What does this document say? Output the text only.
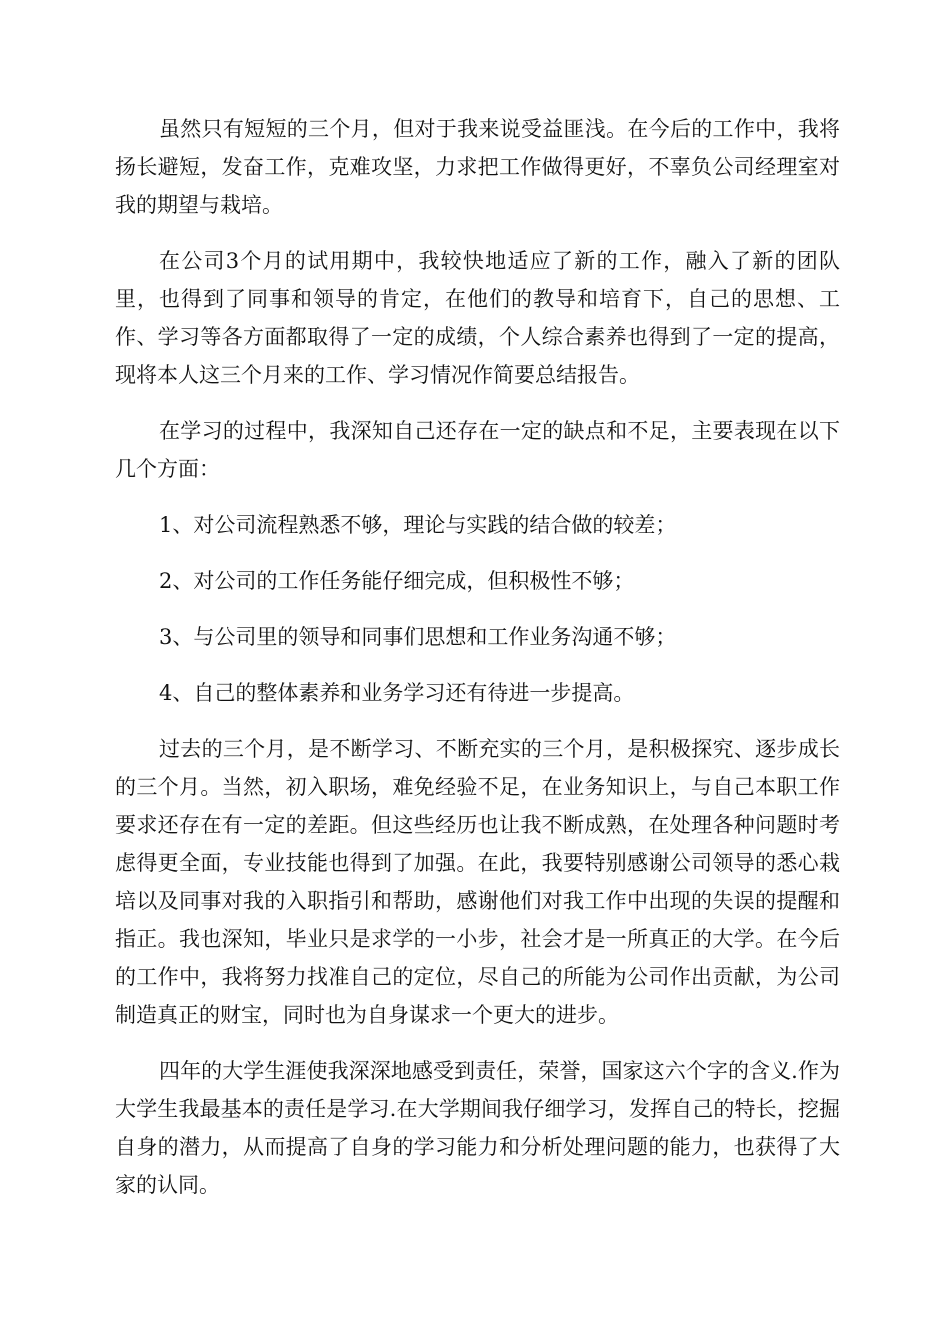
虽然只有短短的三个月，但对于我来说受益匪浅。在今后的工作中，我将扬长避短，发奋工作，克难攻坚，力求把工作做得更好，不辜负公司经理室对我的期望与栽培。

在公司3个月的试用期中，我较快地适应了新的工作，融入了新的团队里，也得到了同事和领导的肯定，在他们的教导和培育下，自己的思想、工作、学习等各方面都取得了一定的成绩，个人综合素养也得到了一定的提高，现将本人这三个月来的工作、学习情况作简要总结报告。

在学习的过程中，我深知自己还存在一定的缺点和不足，主要表现在以下几个方面：

1、对公司流程熟悉不够，理论与实践的结合做的较差；

2、对公司的工作任务能仔细完成，但积极性不够；

3、与公司里的领导和同事们思想和工作业务沟通不够；

4、自己的整体素养和业务学习还有待进一步提高。

过去的三个月，是不断学习、不断充实的三个月，是积极探究、逐步成长的三个月。当然，初入职场，难免经验不足，在业务知识上，与自己本职工作要求还存在有一定的差距。但这些经历也让我不断成熟，在处理各种问题时考虑得更全面，专业技能也得到了加强。在此，我要特别感谢公司领导的悉心栽培以及同事对我的入职指引和帮助，感谢他们对我工作中出现的失误的提醒和指正。我也深知，毕业只是求学的一小步，社会才是一所真正的大学。在今后的工作中，我将努力找准自己的定位，尽自己的所能为公司作出贡献，为公司制造真正的财宝，同时也为自身谋求一个更大的进步。

四年的大学生涯使我深深地感受到责任，荣誉，国家这六个字的含义.作为大学生我最基本的责任是学习.在大学期间我仔细学习，发挥自己的特长，挖掘自身的潜力，从而提高了自身的学习能力和分析处理问题的能力，也获得了大家的认同。
